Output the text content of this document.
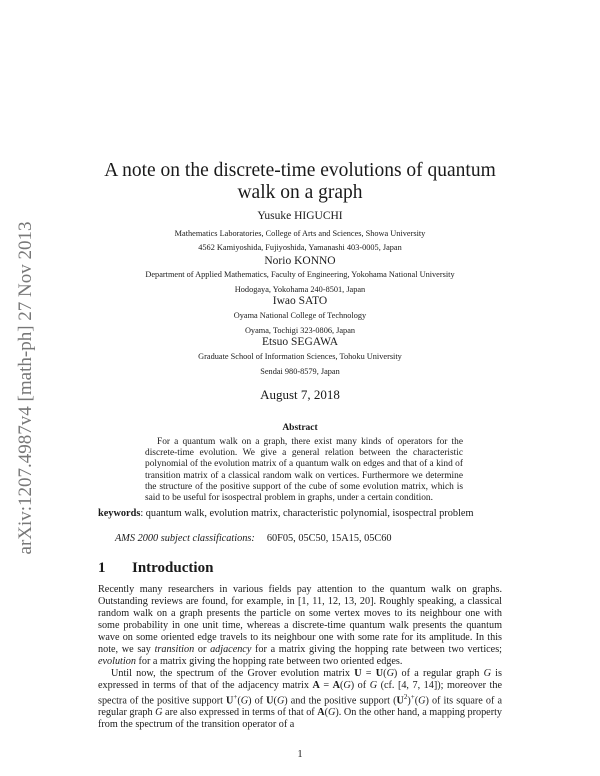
arXiv:1207.4987v4 [math-ph] 27 Nov 2013
A note on the discrete-time evolutions of quantum walk on a graph
Yusuke HIGUCHI
Mathematics Laboratories, College of Arts and Sciences, Showa University
4562 Kamiyoshida, Fujiyoshida, Yamanashi 403-0005, Japan
Norio KONNO
Department of Applied Mathematics, Faculty of Engineering, Yokohama National University
Hodogaya, Yokohama 240-8501, Japan
Iwao SATO
Oyama National College of Technology
Oyama, Tochigi 323-0806, Japan
Etsuo SEGAWA
Graduate School of Information Sciences, Tohoku University
Sendai 980-8579, Japan
August 7, 2018
Abstract
For a quantum walk on a graph, there exist many kinds of operators for the discrete-time evolution. We give a general relation between the characteristic polynomial of the evolution matrix of a quantum walk on edges and that of a kind of transition matrix of a classical random walk on vertices. Furthermore we determine the structure of the positive support of the cube of some evolution matrix, which is said to be useful for isospectral problem in graphs, under a certain condition.
keywords: quantum walk, evolution matrix, characteristic polynomial, isospectral problem
AMS 2000 subject classifications: 60F05, 05C50, 15A15, 05C60
1 Introduction

Recently many researchers in various fields pay attention to the quantum walk on graphs. Outstanding reviews are found, for example, in [1, 11, 12, 13, 20]. Roughly speaking, a classical random walk on a graph presents the particle on some vertex moves to its neighbour one with some probability in one unit time, whereas a discrete-time quantum walk presents the quantum wave on some oriented edge travels to its neighbour one with some rate for its amplitude. In this note, we say transition or adjacency for a matrix giving the hopping rate between two vertices; evolution for a matrix giving the hopping rate between two oriented edges.

Until now, the spectrum of the Grover evolution matrix U = U(G) of a regular graph G is expressed in terms of that of the adjacency matrix A = A(G) of G (cf. [4, 7, 14]); moreover the spectra of the positive support U+(G) of U(G) and the positive support $(U^2)^+(G)$ of its square of a regular graph G are also expressed in terms of that of A(G). On the other hand, a mapping property from the spectrum of the transition operator of a

1
